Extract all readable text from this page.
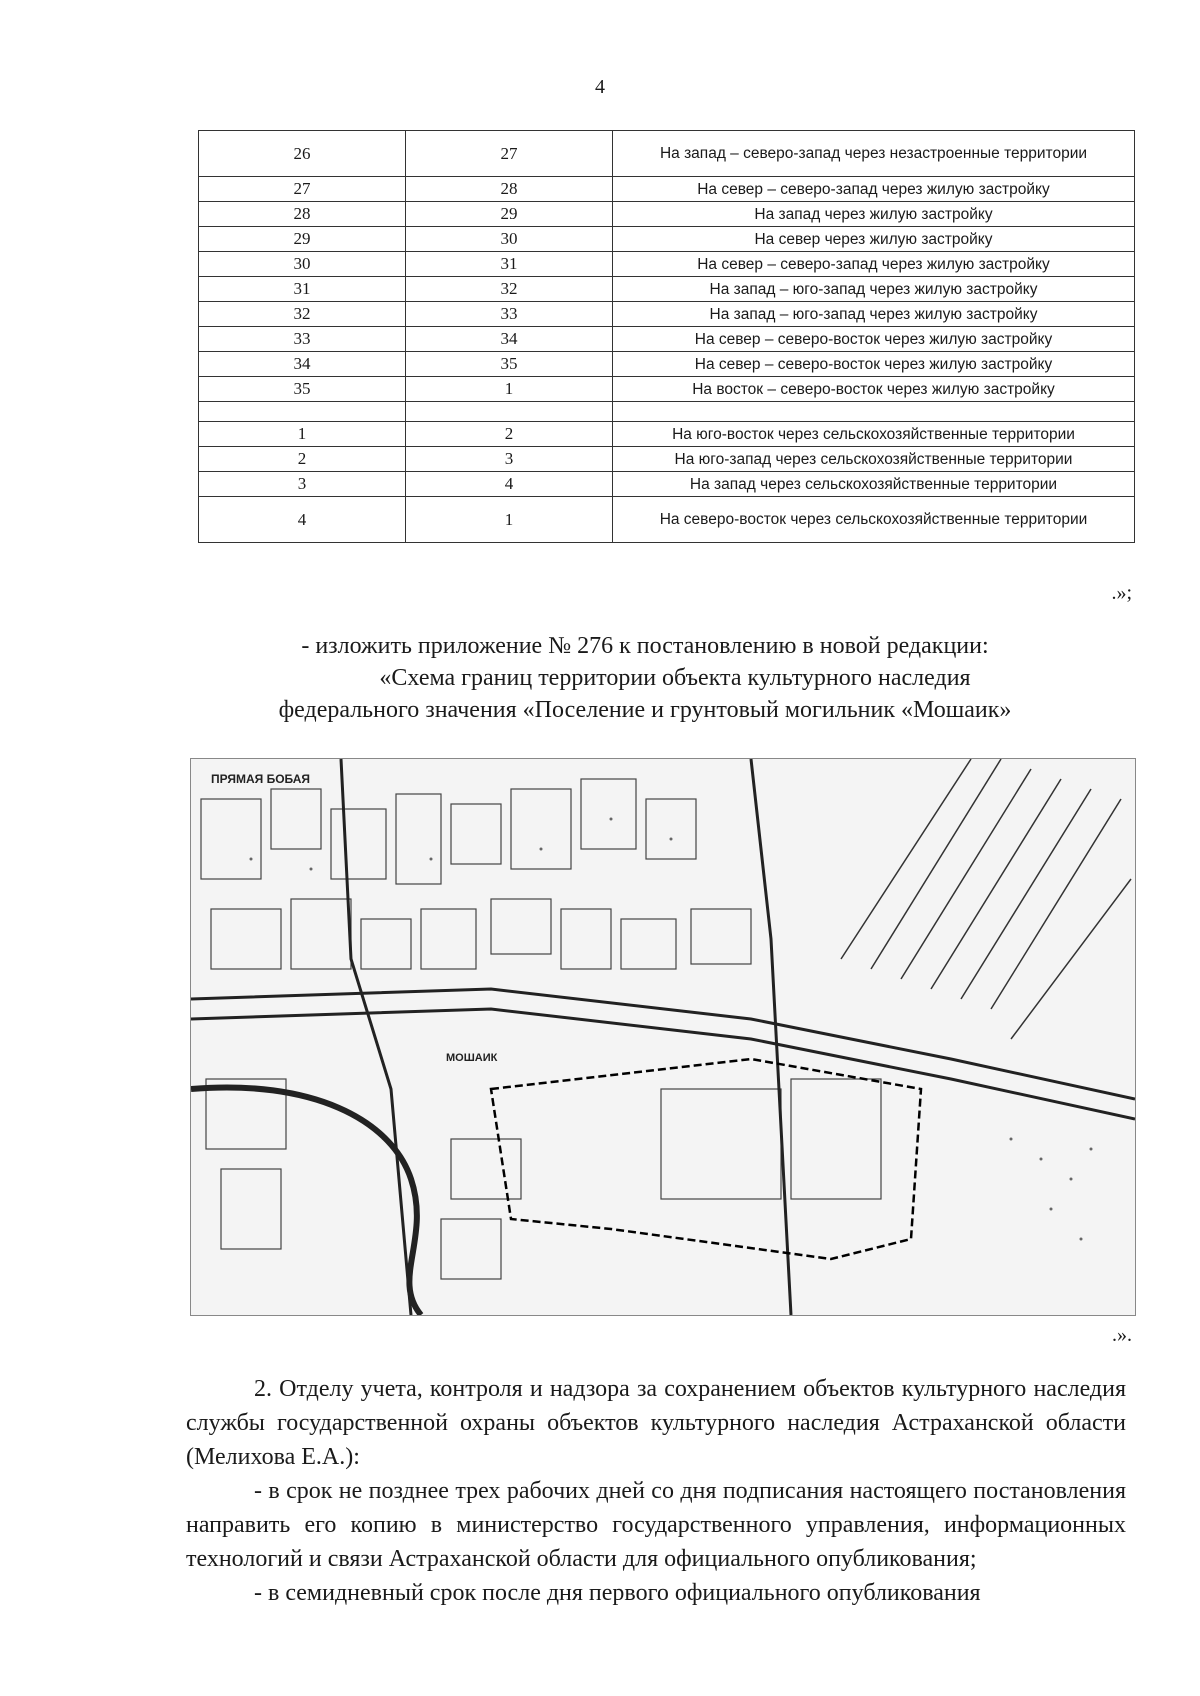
4
26	27	На запад – северо-запад через незастроенные территории
27	28	На север – северо-запад через жилую застройку
28	29	На запад через жилую застройку
29	30	На север через жилую застройку
30	31	На север – северо-запад через жилую застройку
31	32	На запад – юго-запад через жилую застройку
32	33	На запад – юго-запад через жилую застройку
33	34	На север – северо-восток через жилую застройку
34	35	На север – северо-восток через жилую застройку
35	1	На восток – северо-восток через жилую застройку

1	2	На юго-восток через сельскохозяйственные территории
2	3	На юго-запад через сельскохозяйственные территории
3	4	На запад через сельскохозяйственные территории
4	1	На северо-восток через сельскохозяйственные территории
.»;
- изложить приложение № 276 к постановлению в новой редакции:
«Схема границ территории объекта культурного наследия
федерального значения «Поселение и грунтовый могильник «Мошаик»
ПРЯМАЯ БОБАЯ
МОШАИК
.».

2. Отделу учета, контроля и надзора за сохранением объектов культурного наследия службы государственной охраны объектов культурного наследия Астраханской области (Мелихова Е.А.):

- в срок не позднее трех рабочих дней со дня подписания настоящего постановления направить его копию в министерство государственного управления, информационных технологий и связи Астраханской области для официального опубликования;

- в семидневный срок после дня первого официального опубликования
